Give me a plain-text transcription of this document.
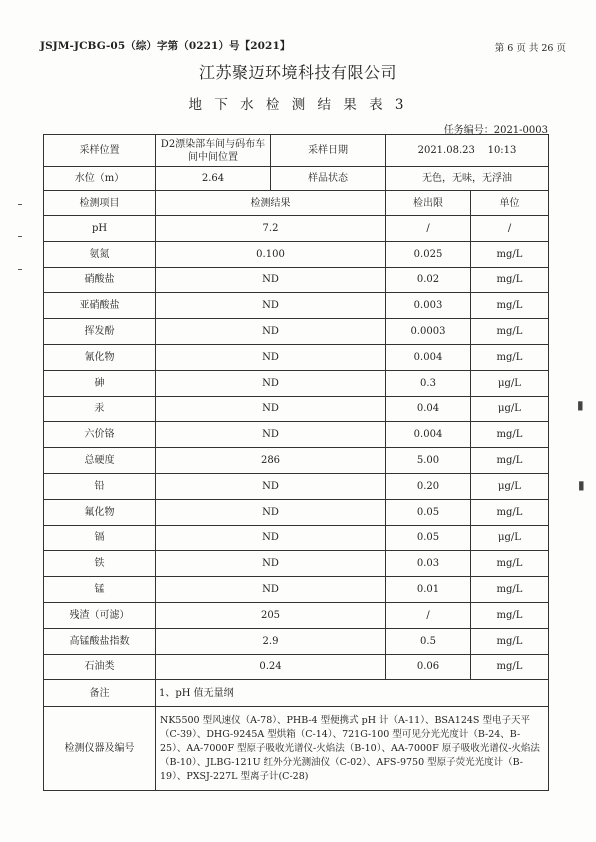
JSJM-JCBG-05（综）字第（0221）号【2021】	第 6 页 共 26 页
江苏聚迈环境科技有限公司
地 下 水 检 测 结 果 表 3
任务编号：2021-0003
▮
▮
采样位置	D2漂染部车间与码布车间中间位置	采样日期	2021.08.23 10:13	
水位（m）	2.64	样品状态	无色，无味，无浮油	
检测项目	检测结果		检出限	单位
pH	7.2		/	/
氨氮	0.100		0.025	mg/L
硝酸盐	ND		0.02	mg/L
亚硝酸盐	ND		0.003	mg/L
挥发酚	ND		0.0003	mg/L
氰化物	ND		0.004	mg/L
砷	ND		0.3	μg/L
汞	ND		0.04	μg/L
六价铬	ND		0.004	mg/L
总硬度	286		5.00	mg/L
铅	ND		0.20	μg/L
氟化物	ND		0.05	mg/L
镉	ND		0.05	μg/L
铁	ND		0.03	mg/L
锰	ND		0.01	mg/L
残渣（可滤）	205		/	mg/L
高锰酸盐指数	2.9		0.5	mg/L
石油类	0.24		0.06	mg/L
备注	1、pH 值无量纲			
检测仪器及编号	NK5500 型风速仪（A-78）、PHB-4 型便携式 pH 计（A-11）、BSA124S 型电子天平（C-39）、DHG-9245A 型烘箱（C-14）、721G-100 型可见分光光度计（B-24、B-25）、AA-7000F 型原子吸收光谱仪-火焰法（B-10）、AA-7000F 原子吸收光谱仪-火焰法（B-10）、JLBG-121U 红外分光测油仪（C-02）、AFS-9750 型原子荧光光度计（B-19）、PXSJ-227L 型离子计(C-28)			
